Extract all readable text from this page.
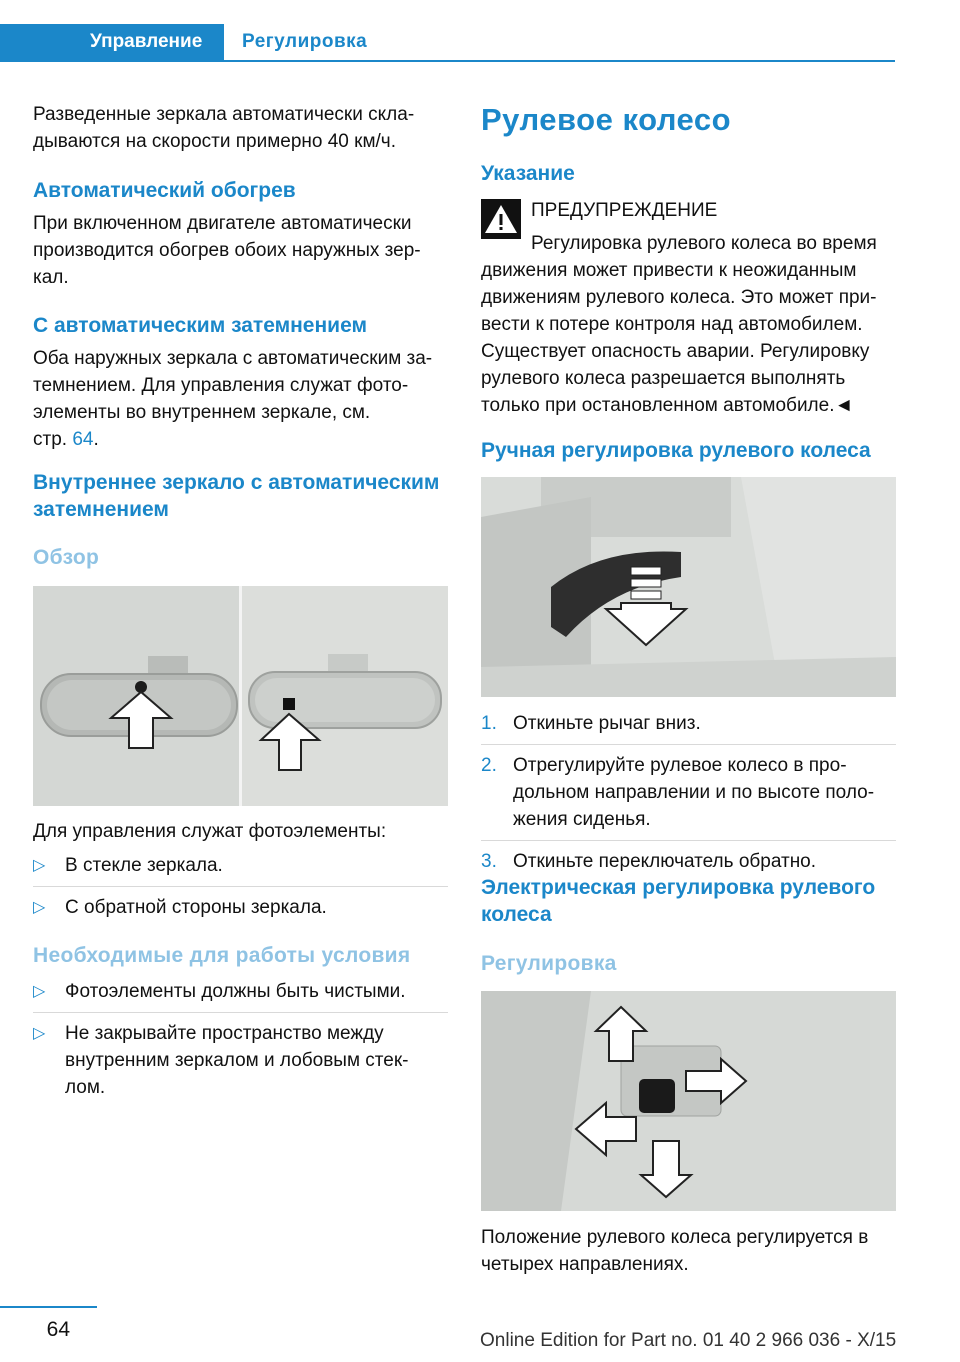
Управление	Регулировка

Разведенные зеркала автоматически скла-дываются на скорости примерно 40 км/ч.

Автоматический обогрев

При включенном двигателе автоматически производится обогрев обоих наружных зер-кал.

С автоматическим затемнением

Оба наружных зеркала с автоматическим за-темнением. Для управления служат фото-элементы во внутреннем зеркале, см.
стр. 64.

Внутреннее зеркало с автоматическим затемнением
Обзор

Для управления служат фотоэлементы:

▷ В стекле зеркала.
▷ С обратной стороны зеркала.
Необходимые для работы условия
▷ Фотоэлементы должны быть чистыми.
▷ Не закрывайте пространство между внутренним зеркалом и лобовым стек-лом.
Рулевое колесо
Указание

ПРЕДУПРЕЖДЕНИЕ

Регулировка рулевого колеса во время движения может привести к неожиданным движениям рулевого колеса. Это может при-вести к потере контроля над автомобилем. Существует опасность аварии. Регулировку рулевого колеса разрешается выполнять только при остановленном автомобиле.◄

Ручная регулировка рулевого колеса
1. Откиньте рычаг вниз.
2. Отрегулируйте рулевое колесо в про-дольном направлении и по высоте поло-жения сиденья.
3. Откиньте переключатель обратно.
Электрическая регулировка рулевого колеса
Регулировка

Положение рулевого колеса регулируется в четырех направлениях.

64	Online Edition for Part no. 01 40 2 966 036 - X/15
